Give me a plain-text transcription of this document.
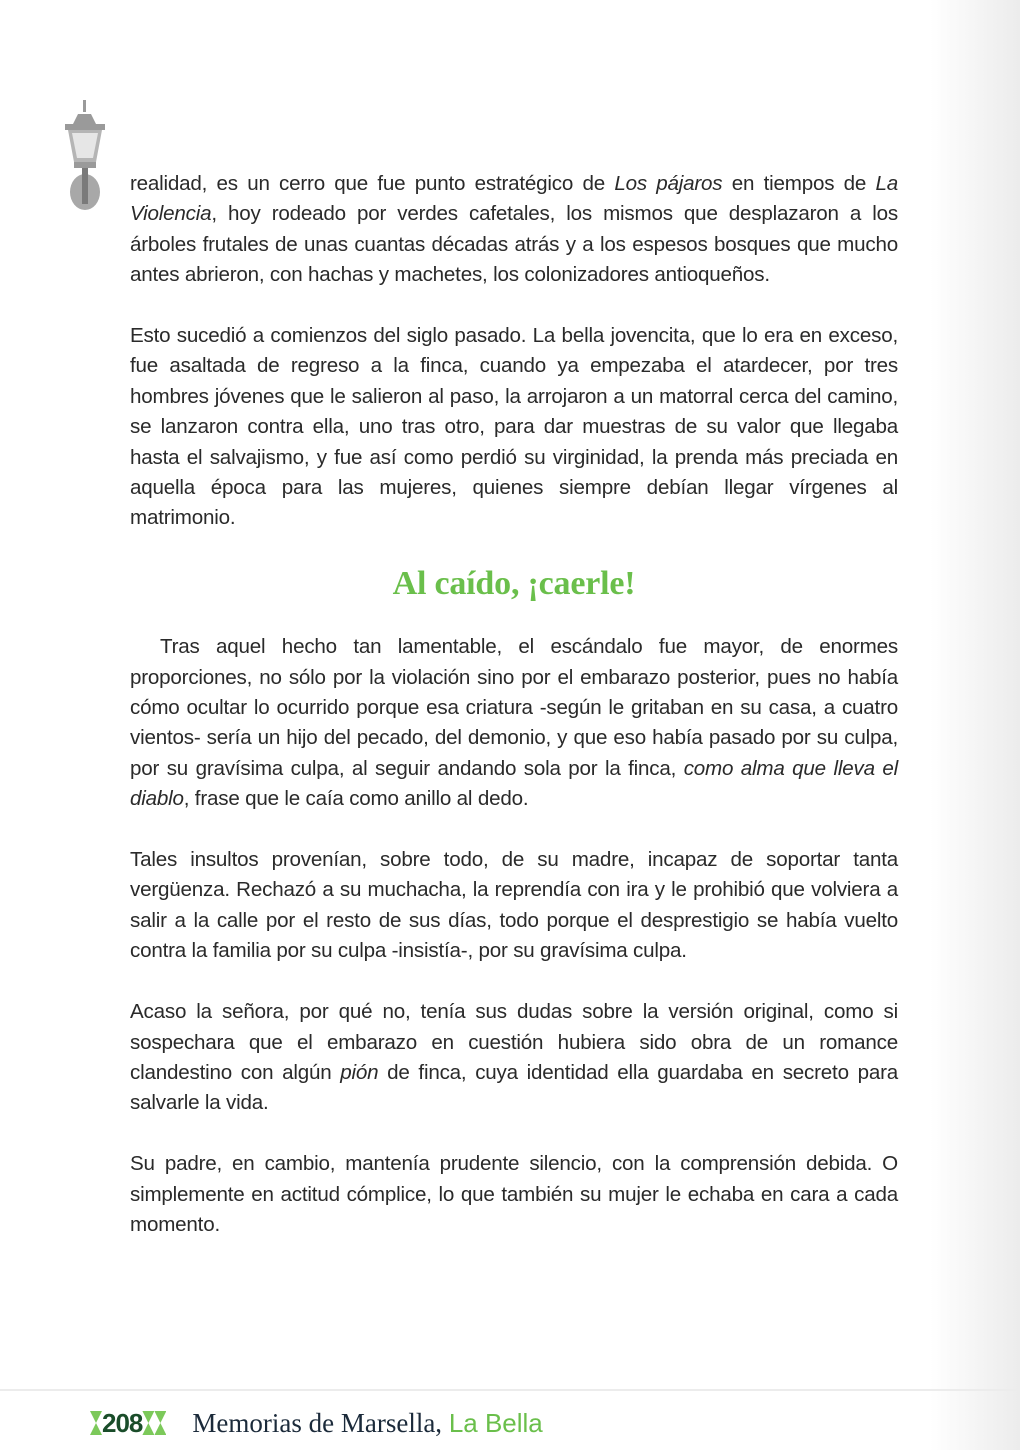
realidad, es un cerro que fue punto estratégico de Los pájaros en tiempos de La Violencia, hoy rodeado por verdes cafetales, los mismos que desplazaron a los árboles frutales de unas cuantas décadas atrás y a los espesos bosques que mucho antes abrieron, con hachas y machetes, los colonizadores antioqueños.

Esto sucedió a comienzos del siglo pasado. La bella jovencita, que lo era en exceso, fue asaltada de regreso a la finca, cuando ya empezaba el atardecer, por tres hombres jóvenes que le salieron al paso, la arrojaron a un matorral cerca del camino, se lanzaron contra ella, uno tras otro, para dar muestras de su valor que llegaba hasta el salvajismo, y fue así como perdió su virginidad, la prenda más preciada en aquella época para las mujeres, quienes siempre debían llegar vírgenes al matrimonio.

Al caído, ¡caerle!

Tras aquel hecho tan lamentable, el escándalo fue mayor, de enormes proporciones, no sólo por la violación sino por el embarazo posterior, pues no había cómo ocultar lo ocurrido porque esa criatura -según le gritaban en su casa, a cuatro vientos- sería un hijo del pecado, del demonio, y que eso había pasado por su culpa, por su gravísima culpa, al seguir andando sola por la finca, como alma que lleva el diablo, frase que le caía como anillo al dedo.

Tales insultos provenían, sobre todo, de su madre, incapaz de soportar tanta vergüenza. Rechazó a su muchacha, la reprendía con ira y le prohibió que volviera a salir a la calle por el resto de sus días, todo porque el desprestigio se había vuelto contra la familia por su culpa -insistía-, por su gravísima culpa.

Acaso la señora, por qué no, tenía sus dudas sobre la versión original, como si sospechara que el embarazo en cuestión hubiera sido obra de un romance clandestino con algún pión de finca, cuya identidad ella guardaba en secreto para salvarle la vida.

Su padre, en cambio, mantenía prudente silencio, con la comprensión debida. O simplemente en actitud cómplice, lo que también su mujer le echaba en cara a cada momento.

208 Memorias de Marsella, La Bella
